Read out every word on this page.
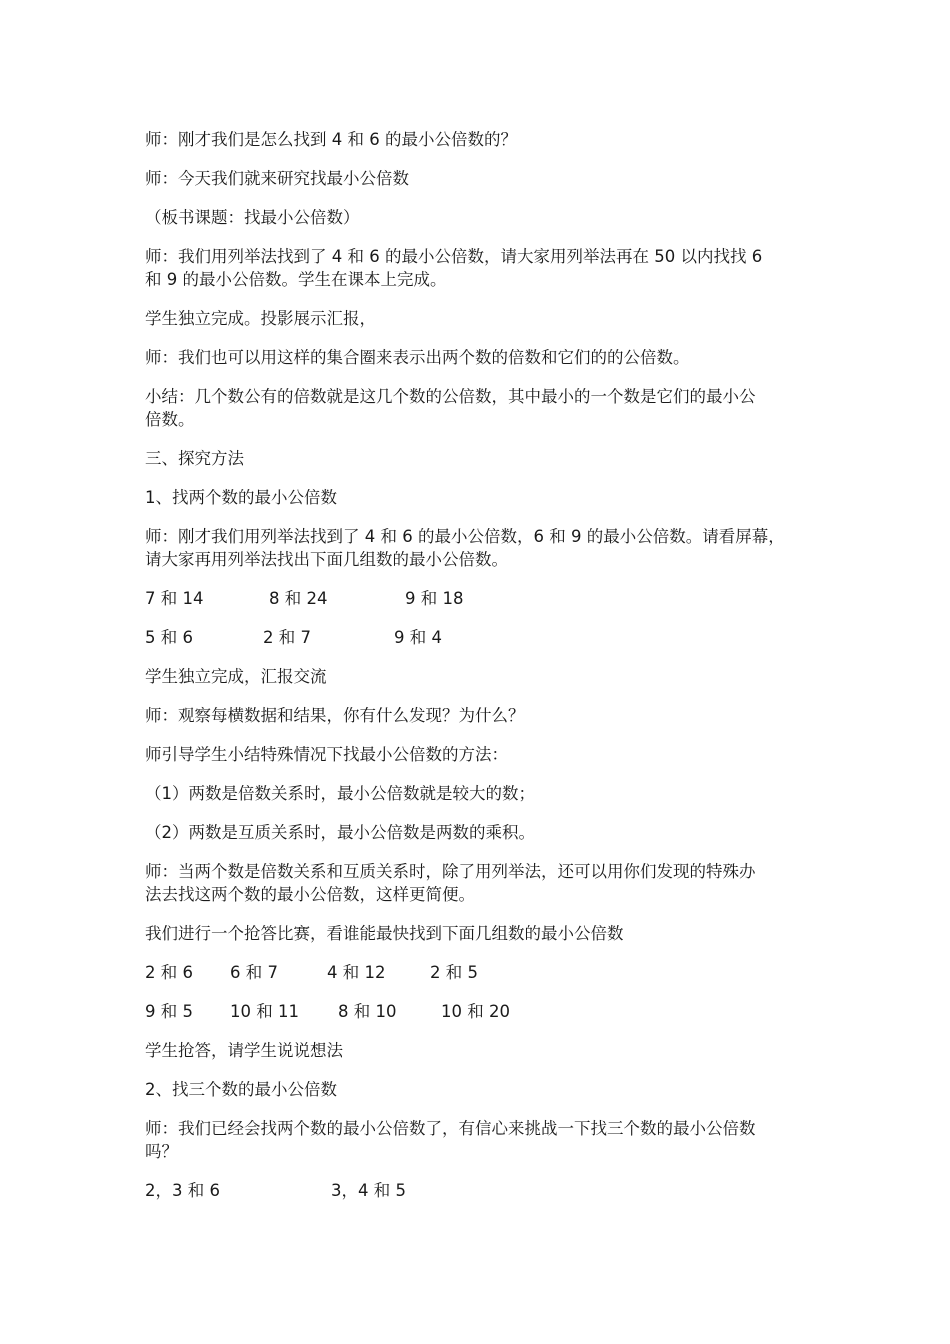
师：刚才我们是怎么找到 4 和 6 的最小公倍数的？

师：今天我们就来研究找最小公倍数

（板书课题：找最小公倍数）

师：我们用列举法找到了 4 和 6 的最小公倍数，请大家用列举法再在 50 以内找找 6

和 9 的最小公倍数。学生在课本上完成。

学生独立完成。投影展示汇报，

师：我们也可以用这样的集合圈来表示出两个数的倍数和它们的的公倍数。

小结：几个数公有的倍数就是这几个数的公倍数，其中最小的一个数是它们的最小公

倍数。

三、探究方法

1、找两个数的最小公倍数

师：刚才我们用列举法找到了 4 和 6 的最小公倍数，6 和 9 的最小公倍数。请看屏幕，

请大家再用列举法找出下面几组数的最小公倍数。

7 和 14	8 和 24	9 和 18
5 和 6	2 和 7	9 和 4

学生独立完成，汇报交流

师：观察每横数据和结果，你有什么发现？为什么？

师引导学生小结特殊情况下找最小公倍数的方法：

（1）两数是倍数关系时，最小公倍数就是较大的数；

（2）两数是互质关系时，最小公倍数是两数的乘积。

师：当两个数是倍数关系和互质关系时，除了用列举法，还可以用你们发现的特殊办

法去找这两个数的最小公倍数，这样更简便。

我们进行一个抢答比赛，看谁能最快找到下面几组数的最小公倍数

2 和 6	6 和 7	4 和 12	2 和 5
9 和 5	10 和 11	8 和 10	10 和 20

学生抢答，请学生说说想法

2、找三个数的最小公倍数

师：我们已经会找两个数的最小公倍数了，有信心来挑战一下找三个数的最小公倍数

吗？

2，3 和 6	3，4 和 5
